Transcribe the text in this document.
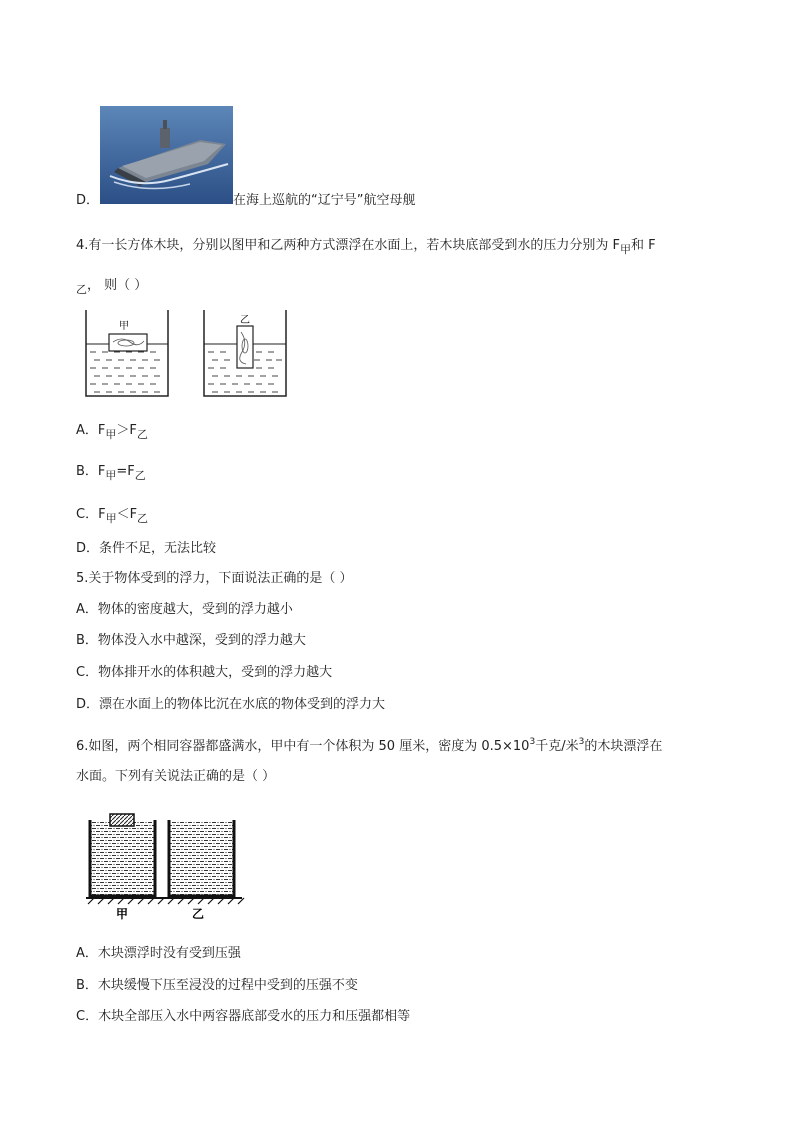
D．	在海上巡航的“辽宁号”航空母舰
4.有一长方体木块，分别以图甲和乙两种方式漂浮在水面上，若木块底部受到水的压力分别为 $F_甲$和 F
$_乙$， 则（ ）
甲
乙
A．$F_甲>F_乙$
B．$F_甲=F_乙$
C．$F_甲<F_乙$
D．条件不足，无法比较
5.关于物体受到的浮力，下面说法正确的是（ ）
A．物体的密度越大，受到的浮力越小
B．物体没入水中越深，受到的浮力越大
C．物体排开水的体积越大，受到的浮力越大
D．漂在水面上的物体比沉在水底的物体受到的浮力大
6.如图，两个相同容器都盛满水，甲中有一个体积为 50 厘米，密度为 $0.5\times 10^3$千克/米$^3$的木块漂浮在
水面。下列有关说法正确的是（ ）
甲	乙
A．木块漂浮时没有受到压强
B．木块缓慢下压至浸没的过程中受到的压强不变
C．木块全部压入水中两容器底部受水的压力和压强都相等
